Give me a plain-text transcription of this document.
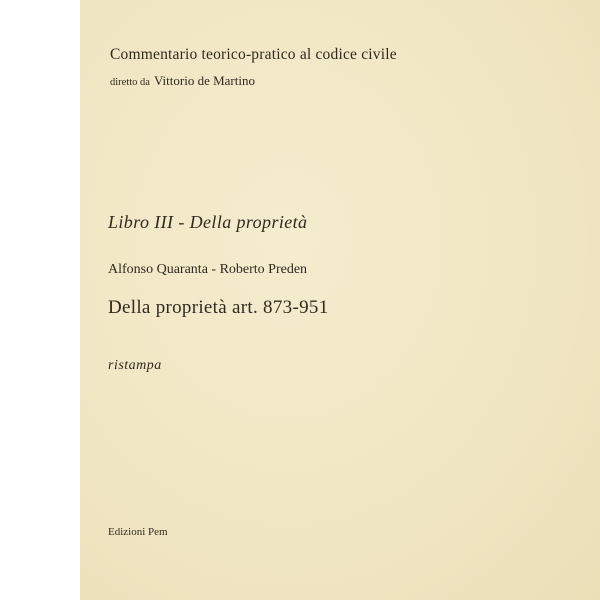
Commentario teorico-pratico al codice civile

diretto da Vittorio de Martino

Libro III - Della proprietà

Alfonso Quaranta - Roberto Preden

Della proprietà art. 873-951

ristampa

Edizioni Pem
